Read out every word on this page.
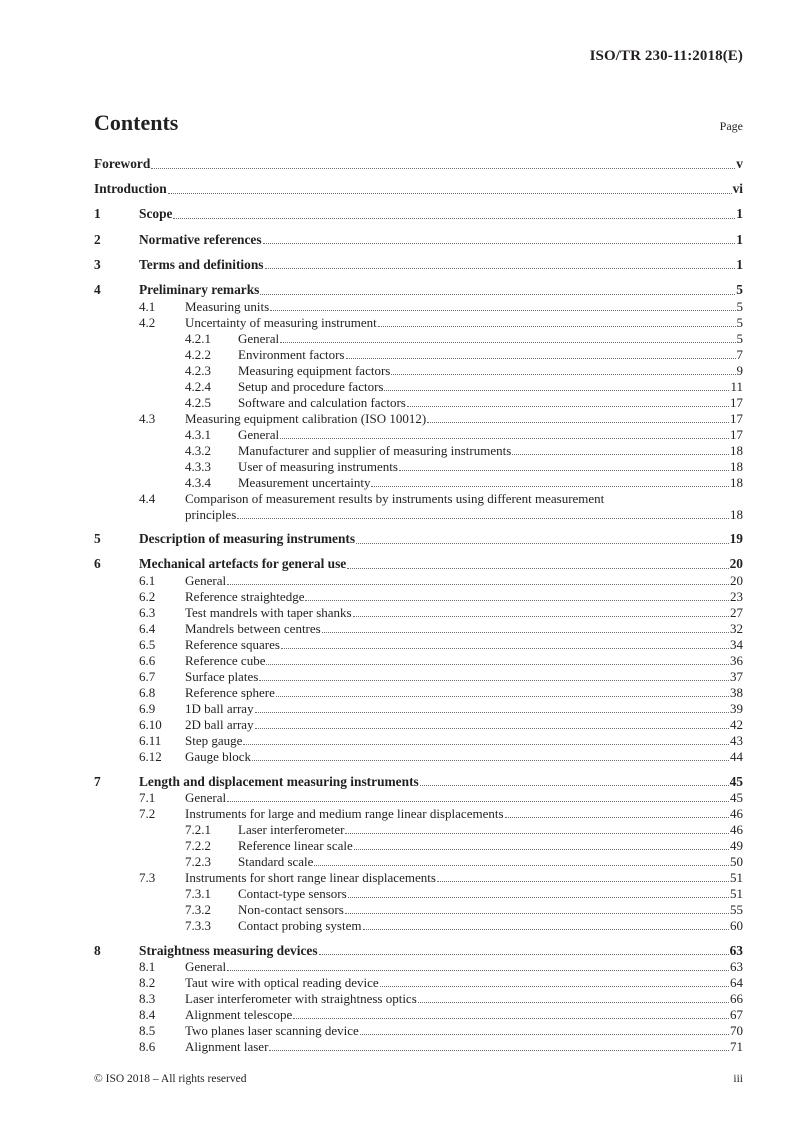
ISO/TR 230-11:2018(E)
Contents	Page
Foreword	v
Introduction	vi
1	Scope	1
2	Normative references	1
3	Terms and definitions	1
4	Preliminary remarks	5
4.1	Measuring units	5
4.2	Uncertainty of measuring instrument	5
4.2.1	General	5
4.2.2	Environment factors	7
4.2.3	Measuring equipment factors	9
4.2.4	Setup and procedure factors	11
4.2.5	Software and calculation factors	17
4.3	Measuring equipment calibration (ISO 10012)	17
4.3.1	General	17
4.3.2	Manufacturer and supplier of measuring instruments	18
4.3.3	User of measuring instruments	18
4.3.4	Measurement uncertainty	18
4.4	Comparison of measurement results by instruments using different measurement
principles	18
5	Description of measuring instruments	19
6	Mechanical artefacts for general use	20
6.1	General	20
6.2	Reference straightedge	23
6.3	Test mandrels with taper shanks	27
6.4	Mandrels between centres	32
6.5	Reference squares	34
6.6	Reference cube	36
6.7	Surface plates	37
6.8	Reference sphere	38
6.9	1D ball array	39
6.10	2D ball array	42
6.11	Step gauge	43
6.12	Gauge block	44
7	Length and displacement measuring instruments	45
7.1	General	45
7.2	Instruments for large and medium range linear displacements	46
7.2.1	Laser interferometer	46
7.2.2	Reference linear scale	49
7.2.3	Standard scale	50
7.3	Instruments for short range linear displacements	51
7.3.1	Contact-type sensors	51
7.3.2	Non-contact sensors	55
7.3.3	Contact probing system	60
8	Straightness measuring devices	63
8.1	General	63
8.2	Taut wire with optical reading device	64
8.3	Laser interferometer with straightness optics	66
8.4	Alignment telescope	67
8.5	Two planes laser scanning device	70
8.6	Alignment laser	71
© ISO 2018 – All rights reserved	iii
